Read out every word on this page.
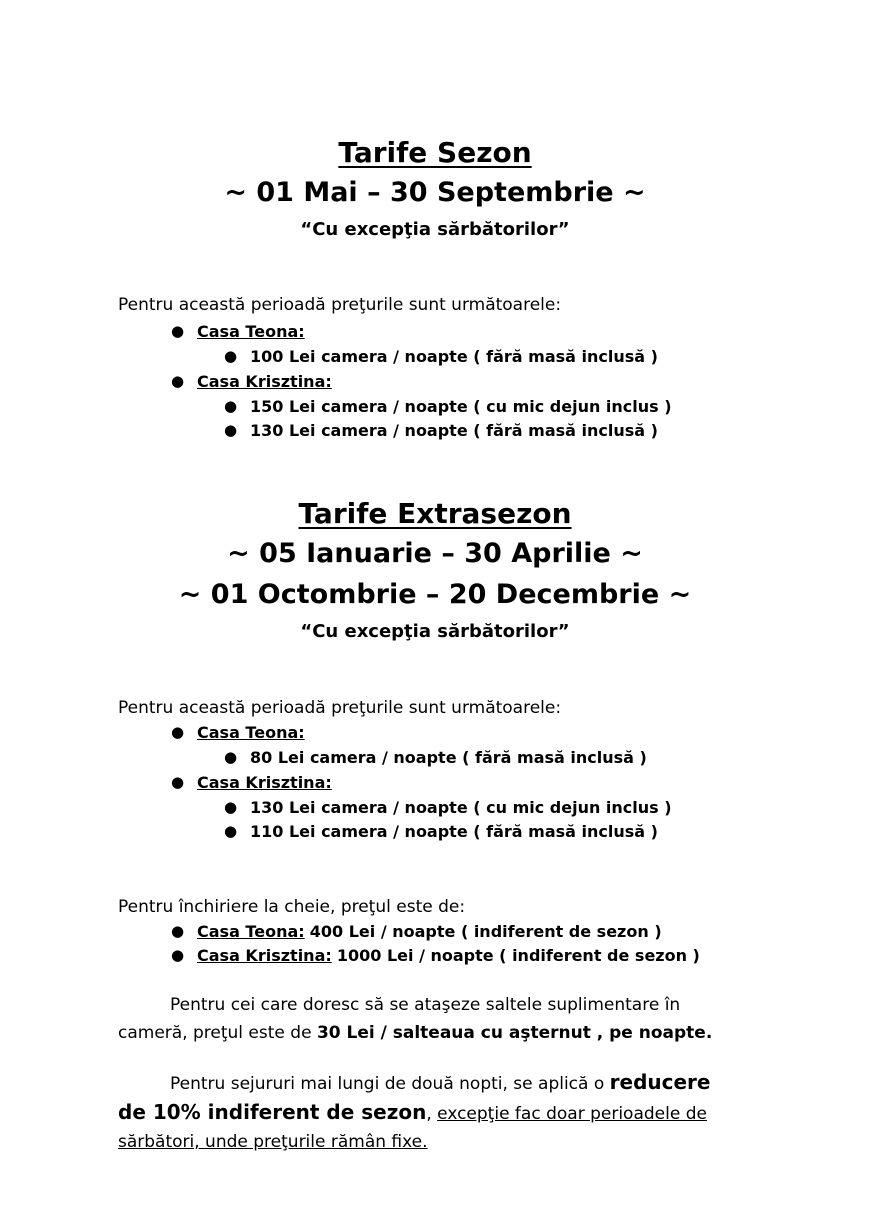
Tarife Sezon
~ 01 Mai – 30 Septembrie ~
“Cu excepţia sărbătorilor”
Pentru această perioadă preţurile sunt următoarele:
● Casa Teona:
● 100 Lei camera / noapte ( fără masă inclusă )
● Casa Krisztina:
● 150 Lei camera / noapte ( cu mic dejun inclus )
● 130 Lei camera / noapte ( fără masă inclusă )
Tarife Extrasezon
~ 05 Ianuarie – 30 Aprilie ~
~ 01 Octombrie – 20 Decembrie ~
“Cu excepţia sărbătorilor”
Pentru această perioadă preţurile sunt următoarele:
● Casa Teona:
● 80 Lei camera / noapte ( fără masă inclusă )
● Casa Krisztina:
● 130 Lei camera / noapte ( cu mic dejun inclus )
● 110 Lei camera / noapte ( fără masă inclusă )
Pentru închiriere la cheie, preţul este de:
● Casa Teona: 400 Lei / noapte ( indiferent de sezon )
● Casa Krisztina: 1000 Lei / noapte ( indiferent de sezon )
Pentru cei care doresc să se ataşeze saltele suplimentare în cameră, preţul este de 30 Lei / salteaua cu aşternut , pe noapte.
Pentru sejururi mai lungi de două nopti, se aplică o reducere de 10% indiferent de sezon, excepţie fac doar perioadele de sărbători, unde preţurile rămân fixe.
